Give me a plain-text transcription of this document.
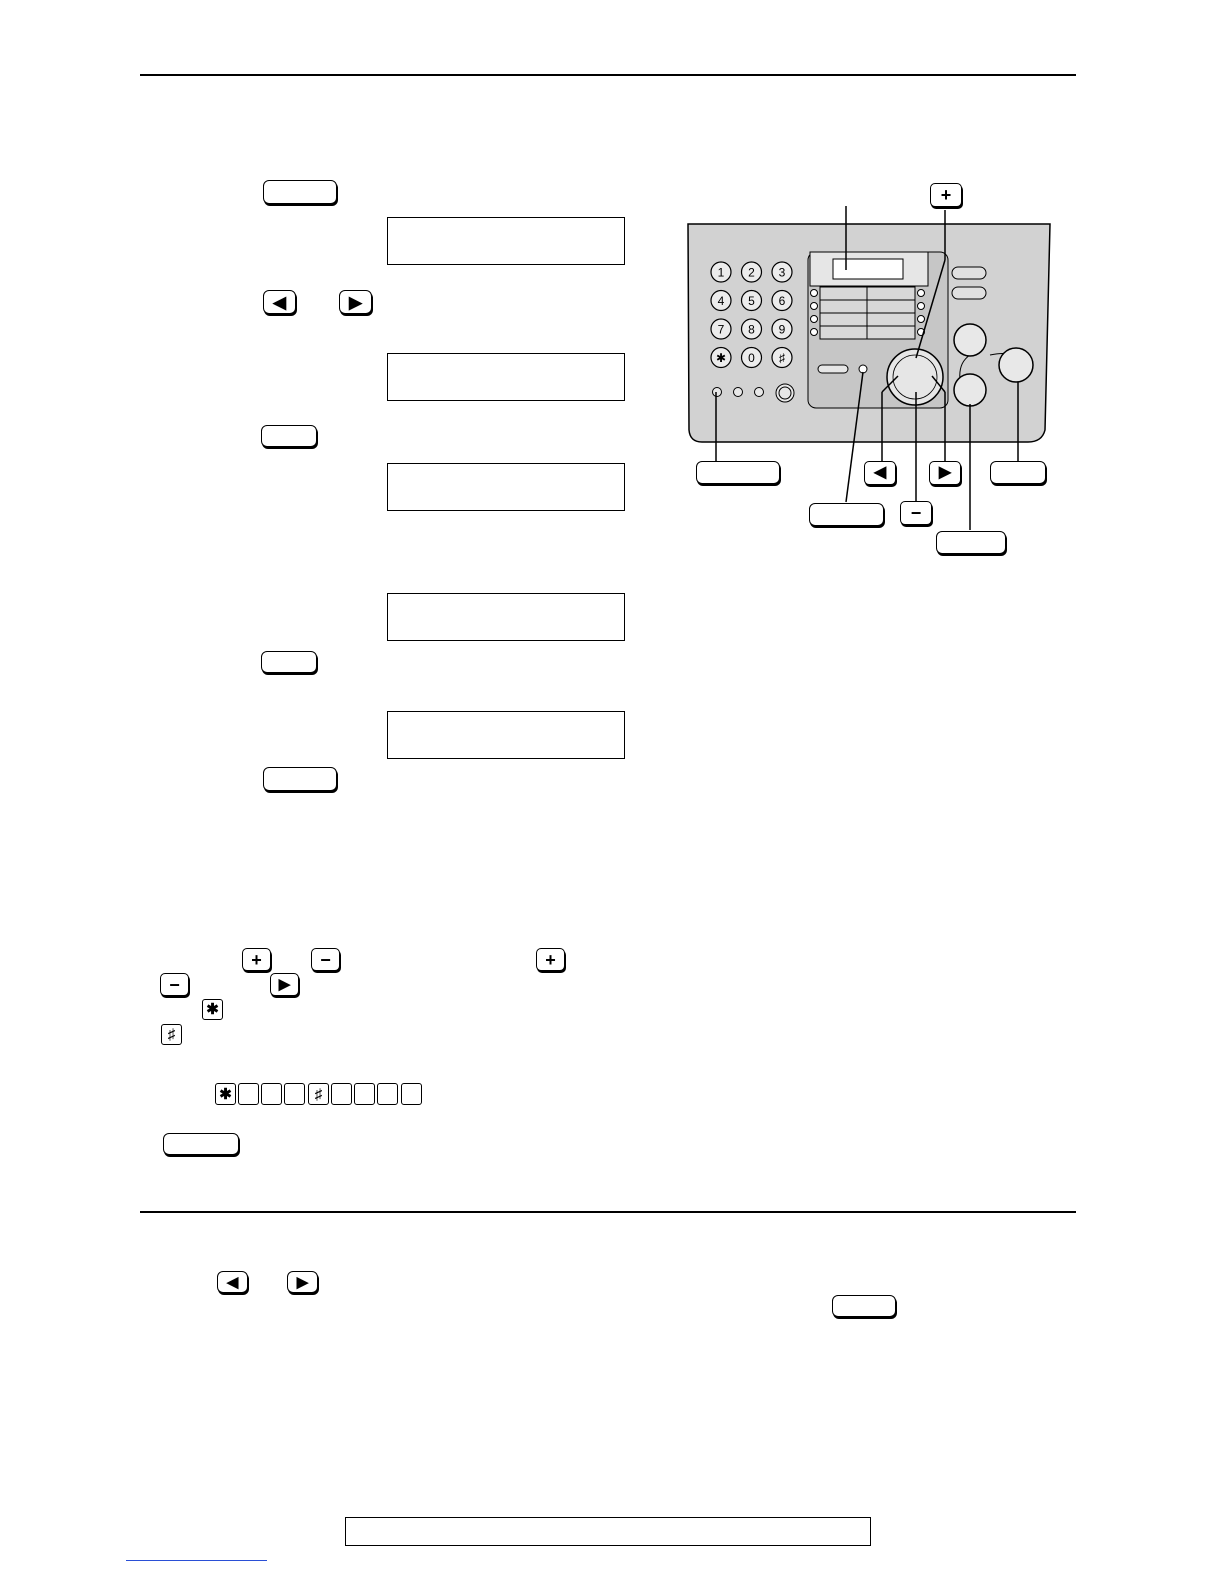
◀	▶
1 2 3
4 5 6
7 8 9
✱ 0 ♯
+
◀	▶
−
+	−	+
−	▶
✱
♯
✱	♯
◀	▶
